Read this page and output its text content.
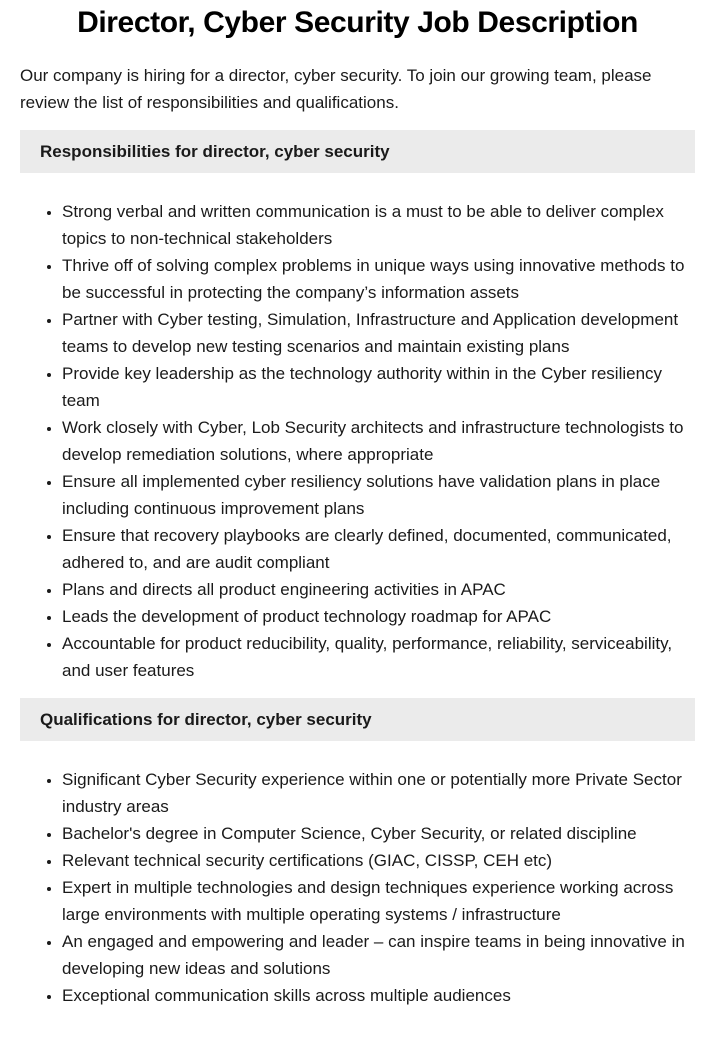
Director, Cyber Security Job Description

Our company is hiring for a director, cyber security. To join our growing team, please review the list of responsibilities and qualifications.

Responsibilities for director, cyber security
• Strong verbal and written communication is a must to be able to deliver complex topics to non-technical stakeholders
• Thrive off of solving complex problems in unique ways using innovative methods to be successful in protecting the company’s information assets
• Partner with Cyber testing, Simulation, Infrastructure and Application development teams to develop new testing scenarios and maintain existing plans
• Provide key leadership as the technology authority within in the Cyber resiliency team
• Work closely with Cyber, Lob Security architects and infrastructure technologists to develop remediation solutions, where appropriate
• Ensure all implemented cyber resiliency solutions have validation plans in place including continuous improvement plans
• Ensure that recovery playbooks are clearly defined, documented, communicated, adhered to, and are audit compliant
• Plans and directs all product engineering activities in APAC
• Leads the development of product technology roadmap for APAC
• Accountable for product reducibility, quality, performance, reliability, serviceability, and user features
Qualifications for director, cyber security
• Significant Cyber Security experience within one or potentially more Private Sector industry areas
• Bachelor's degree in Computer Science, Cyber Security, or related discipline
• Relevant technical security certifications (GIAC, CISSP, CEH etc)
• Expert in multiple technologies and design techniques experience working across large environments with multiple operating systems / infrastructure
• An engaged and empowering and leader – can inspire teams in being innovative in developing new ideas and solutions
• Exceptional communication skills across multiple audiences
